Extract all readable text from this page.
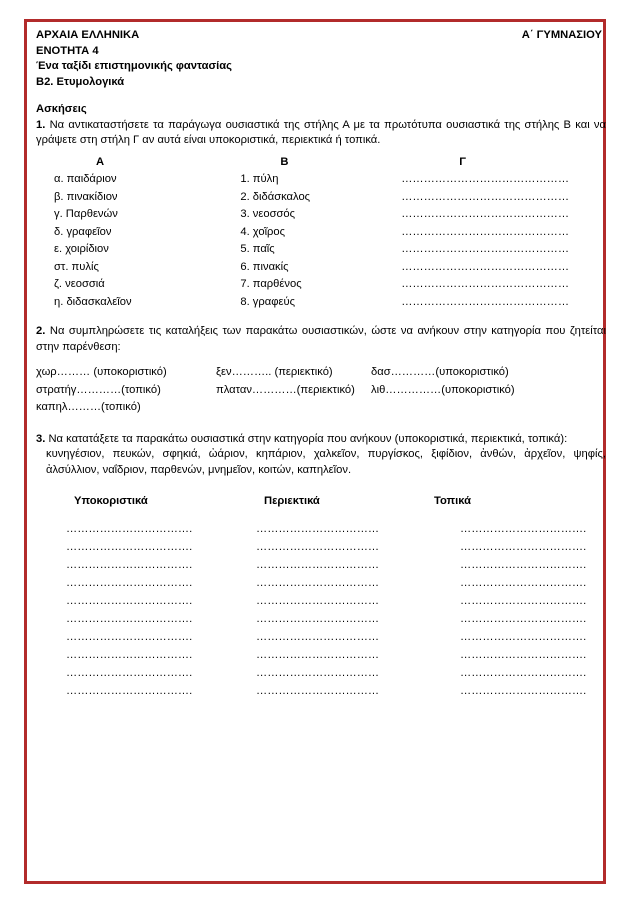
ΑΡΧΑΙΑ ΕΛΛΗΝΙΚΑ	Α΄ ΓΥΜΝΑΣΙΟΥ
ΕΝΟΤΗΤΑ 4
Ένα ταξίδι επιστημονικής φαντασίας
Β2. Ετυμολογικά
Ασκήσεις
1. Να αντικαταστήσετε τα παράγωγα ουσιαστικά της στήλης Α με τα πρωτότυπα ουσιαστικά της στήλης Β και να γράψετε στη στήλη Γ αν αυτά είναι υποκοριστικά, περιεκτικά ή τοπικά.
Α	Β	Γ
α. παιδάριον	1. πύλη	………………………………………
β. πινακίδιον	2. διδάσκαλος	………………………………………
γ. Παρθενών	3. νεοσσός	………………………………………
δ. γραφεῖον	4. χοῖρος	………………………………………
ε. χοιρίδιον	5. παῖς	………………………………………
στ. πυλίς	6. πινακίς	………………………………………
ζ. νεοσσιά	7. παρθένος	………………………………………
η. διδασκαλεῖον	8. γραφεύς	………………………………………
2. Να συμπληρώσετε τις καταλήξεις των παρακάτω ουσιαστικών, ώστε να ανήκουν στην κατηγορία που ζητείται στην παρένθεση:
χωρ……… (υποκοριστικό)	ξεν……….. (περιεκτικό)	δασ…………(υποκοριστικό)
στρατήγ…………(τοπικό)	πλαταν…………(περιεκτικό)	λιθ……………(υποκοριστικό)
καπηλ………(τοπικό)
3. Να κατατάξετε τα παρακάτω ουσιαστικά στην κατηγορία που ανήκουν (υποκοριστικά, περιεκτικά, τοπικά):
κυνηγέσιον, πευκών, σφηκιά, ὠάριον, κηπάριον, χαλκεῖον, πυργίσκος, ξιφίδιον, ἀνθών, ἀρχεῖον, ψηφίς, ἀλσύλλιον, ναΐδριον, παρθενών, μνημεῖον, κοιτών, καπηλεῖον.
Υποκοριστικά	Περιεκτικά	Τοπικά
…………………………….	……………………………	…………………………….
…………………………….	……………………………	…………………………….
…………………………….	……………………………	…………………………….
…………………………….	……………………………	…………………………….
…………………………….	……………………………	…………………………….
…………………………….	……………………………	…………………………….
…………………………….	……………………………	…………………………….
…………………………….	……………………………	…………………………….
…………………………….	……………………………	…………………………….
…………………………….	……………………………	…………………………….
